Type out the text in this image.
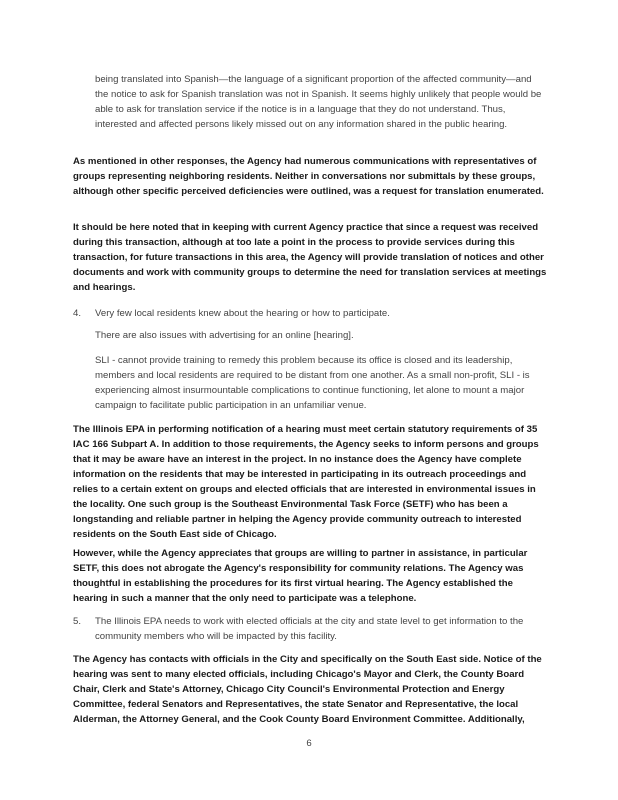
being translated into Spanish—the language of a significant proportion of the affected community—and the notice to ask for Spanish translation was not in Spanish. It seems highly unlikely that people would be able to ask for translation service if the notice is in a language that they do not understand. Thus, interested and affected persons likely missed out on any information shared in the public hearing.

As mentioned in other responses, the Agency had numerous communications with representatives of groups representing neighboring residents. Neither in conversations nor submittals by these groups, although other specific perceived deficiencies were outlined, was a request for translation enumerated.

It should be here noted that in keeping with current Agency practice that since a request was received during this transaction, although at too late a point in the process to provide services during this transaction, for future transactions in this area, the Agency will provide translation of notices and other documents and work with community groups to determine the need for translation services at meetings and hearings.

4. Very few local residents knew about the hearing or how to participate.

There are also issues with advertising for an online [hearing].

SLI - cannot provide training to remedy this problem because its office is closed and its leadership, members and local residents are required to be distant from one another. As a small non-profit, SLI - is experiencing almost insurmountable complications to continue functioning, let alone to mount a major campaign to facilitate public participation in an unfamiliar venue.

The Illinois EPA in performing notification of a hearing must meet certain statutory requirements of 35 IAC 166 Subpart A. In addition to those requirements, the Agency seeks to inform persons and groups that it may be aware have an interest in the project. In no instance does the Agency have complete information on the residents that may be interested in participating in its outreach proceedings and relies to a certain extent on groups and elected officials that are interested in environmental issues in the locality. One such group is the Southeast Environmental Task Force (SETF) who has been a longstanding and reliable partner in helping the Agency provide community outreach to interested residents on the South East side of Chicago.

However, while the Agency appreciates that groups are willing to partner in assistance, in particular SETF, this does not abrogate the Agency's responsibility for community relations. The Agency was thoughtful in establishing the procedures for its first virtual hearing. The Agency established the hearing in such a manner that the only need to participate was a telephone.

5. The Illinois EPA needs to work with elected officials at the city and state level to get information to the community members who will be impacted by this facility.

The Agency has contacts with officials in the City and specifically on the South East side. Notice of the hearing was sent to many elected officials, including Chicago's Mayor and Clerk, the County Board Chair, Clerk and State's Attorney, Chicago City Council's Environmental Protection and Energy Committee, federal Senators and Representatives, the state Senator and Representative, the local Alderman, the Attorney General, and the Cook County Board Environment Committee. Additionally,

6
